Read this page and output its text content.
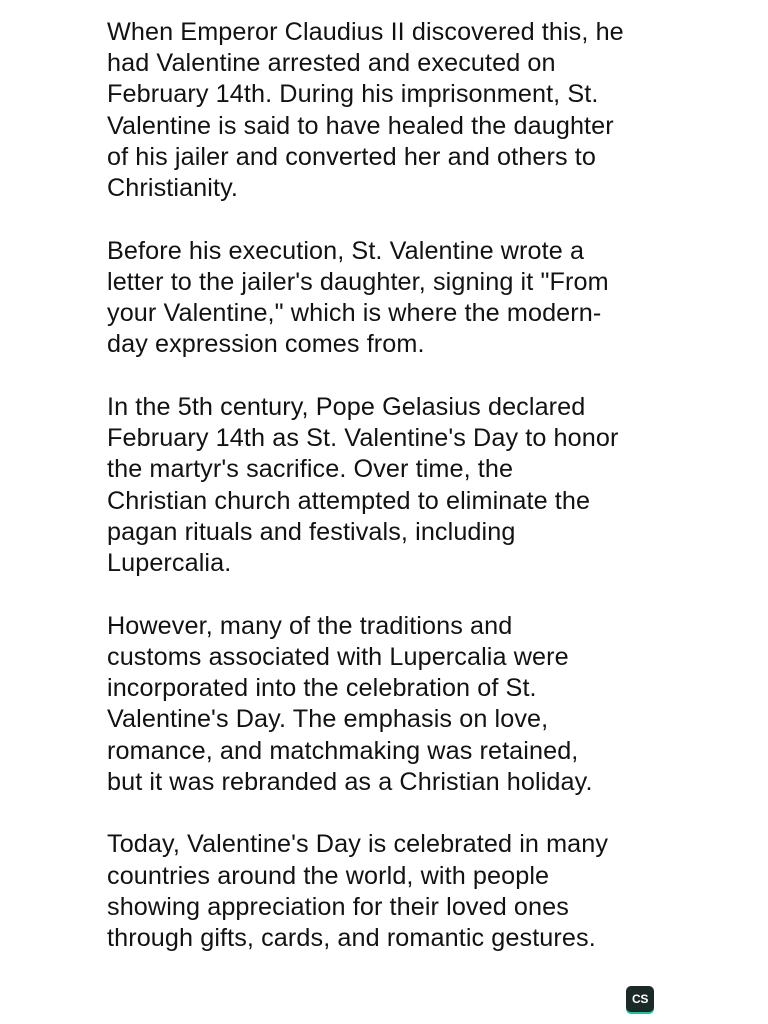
When Emperor Claudius II discovered this, he
had Valentine arrested and executed on
February 14th. During his imprisonment, St.
Valentine is said to have healed the daughter
of his jailer and converted her and others to
Christianity.

Before his execution, St. Valentine wrote a
letter to the jailer's daughter, signing it "From
your Valentine," which is where the modern-
day expression comes from.

In the 5th century, Pope Gelasius declared
February 14th as St. Valentine's Day to honor
the martyr's sacrifice. Over time, the
Christian church attempted to eliminate the
pagan rituals and festivals, including
Lupercalia.

However, many of the traditions and
customs associated with Lupercalia were
incorporated into the celebration of St.
Valentine's Day. The emphasis on love,
romance, and matchmaking was retained,
but it was rebranded as a Christian holiday.

Today, Valentine's Day is celebrated in many
countries around the world, with people
showing appreciation for their loved ones
through gifts, cards, and romantic gestures.

CS
